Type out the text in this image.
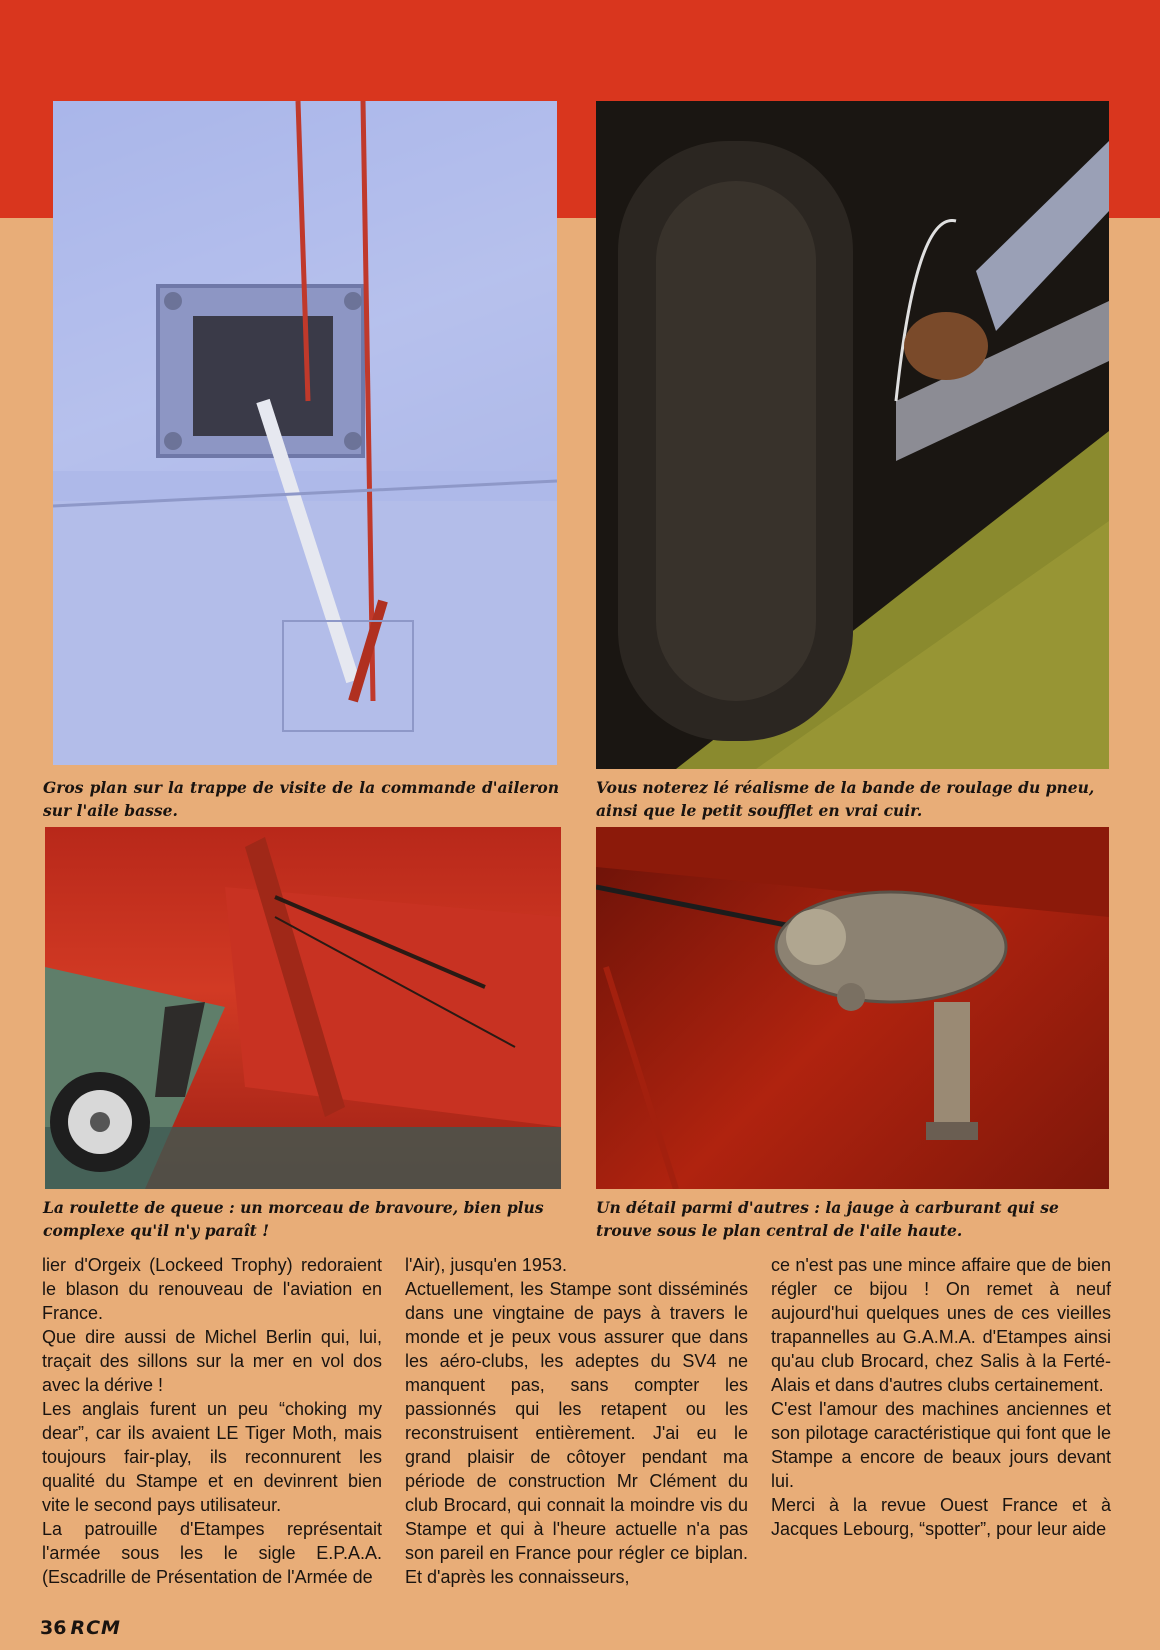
Gros plan sur la trappe de visite de la commande d'aileron sur l'aile basse.

Vous noterez lé réalisme de la bande de roulage du pneu, ainsi que le petit soufflet en vrai cuir.

La roulette de queue : un morceau de bravoure, bien plus complexe qu'il n'y paraît !

Un détail parmi d'autres : la jauge à carburant qui se trouve sous le plan central de l'aile haute.

lier d'Orgeix (Lockeed Trophy) redoraient le blason du renouveau de l'aviation en France.

Que dire aussi de Michel Berlin qui, lui, traçait des sillons sur la mer en vol dos avec la dérive !

Les anglais furent un peu “choking my dear”, car ils avaient LE Tiger Moth, mais toujours fair-play, ils reconnurent les qualité du Stampe et en devinrent bien vite le second pays utilisateur.

La patrouille d'Etampes représentait l'armée sous les le sigle E.P.A.A. (Escadrille de Présentation de l'Armée de

l'Air), jusqu'en 1953.

Actuellement, les Stampe sont disséminés dans une vingtaine de pays à travers le monde et je peux vous assurer que dans les aéro-clubs, les adeptes du SV4 ne manquent pas, sans compter les passionnés qui les retapent ou les reconstruisent entièrement. J'ai eu le grand plaisir de côtoyer pendant ma période de construction Mr Clément du club Brocard, qui connait la moindre vis du Stampe et qui à l'heure actuelle n'a pas son pareil en France pour régler ce biplan. Et d'après les connaisseurs,

ce n'est pas une mince affaire que de bien régler ce bijou ! On remet à neuf aujourd'hui quelques unes de ces vieilles trapannelles au G.A.M.A. d'Etampes ainsi qu'au club Brocard, chez Salis à la Ferté-Alais et dans d'autres clubs certainement.

C'est l'amour des machines anciennes et son pilotage caractéristique qui font que le Stampe a encore de beaux jours devant lui.

Merci à la revue Ouest France et à Jacques Lebourg, “spotter”, pour leur aide

36 RCM
